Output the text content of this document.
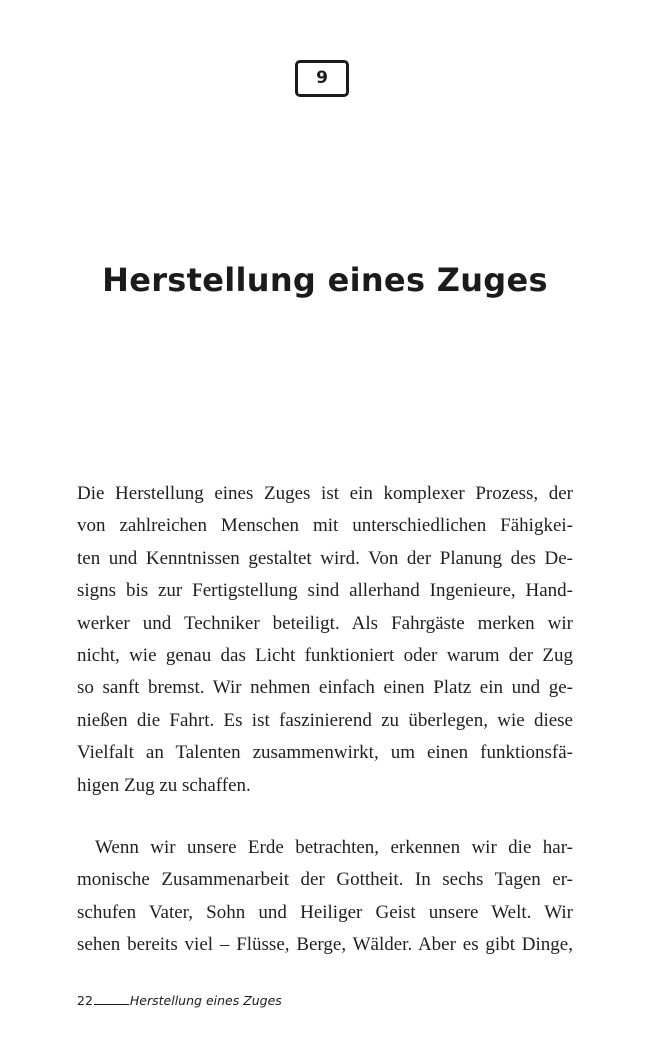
9
Herstellung eines Zuges
Die Herstellung eines Zuges ist ein komplexer Prozess, der
von zahlreichen Menschen mit unterschiedlichen Fähigkei-
ten und Kenntnissen gestaltet wird. Von der Planung des De-
signs bis zur Fertigstellung sind allerhand Ingenieure, Hand-
werker und Techniker beteiligt. Als Fahrgäste merken wir
nicht, wie genau das Licht funktioniert oder warum der Zug
so sanft bremst. Wir nehmen einfach einen Platz ein und ge-
nießen die Fahrt. Es ist faszinierend zu überlegen, wie diese
Vielfalt an Talenten zusammenwirkt, um einen funktionsfä-
higen Zug zu schaffen.
Wenn wir unsere Erde betrachten, erkennen wir die har-
monische Zusammenarbeit der Gottheit. In sechs Tagen er-
schufen Vater, Sohn und Heiliger Geist unsere Welt. Wir
sehen bereits viel – Flüsse, Berge, Wälder. Aber es gibt Dinge,
22	Herstellung eines Zuges
